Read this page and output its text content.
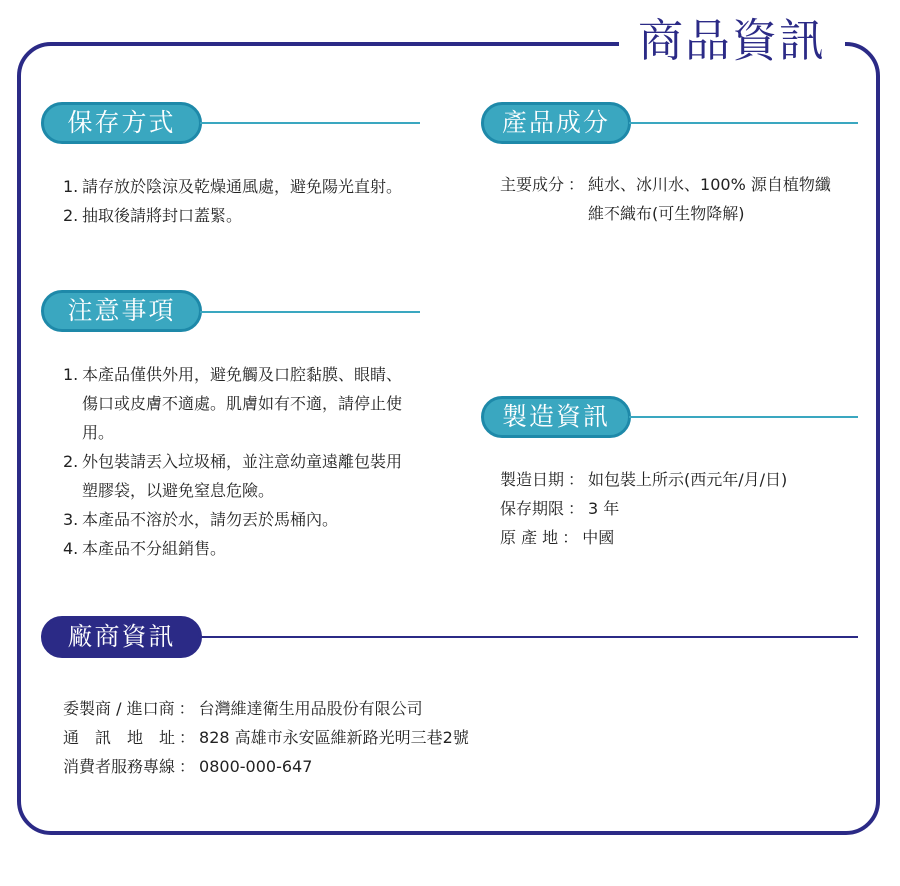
商品資訊
保存方式
1. 請存放於陰涼及乾燥通風處，避免陽光直射。
2. 抽取後請將封口蓋緊。
產品成分
主要成分 ： 純水、冰川水、100% 源自植物纖維不織布(可生物降解)
注意事項
1. 本產品僅供外用，避免觸及口腔黏膜、眼睛、傷口或皮膚不適處。肌膚如有不適，請停止使用。
2. 外包裝請丟入垃圾桶，並注意幼童遠離包裝用塑膠袋，以避免窒息危險。
3. 本產品不溶於水，請勿丟於馬桶內。
4. 本產品不分組銷售。
製造資訊
製造日期 ： 如包裝上所示(西元年/月/日)
保存期限 ： 3 年
原 產 地 ： 中國
廠商資訊
委製商 / 進口商 ： 台灣維達衛生用品股份有限公司
通　訊　地　址 ： 828 高雄市永安區維新路光明三巷2號
消費者服務專線 ： 0800-000-647
